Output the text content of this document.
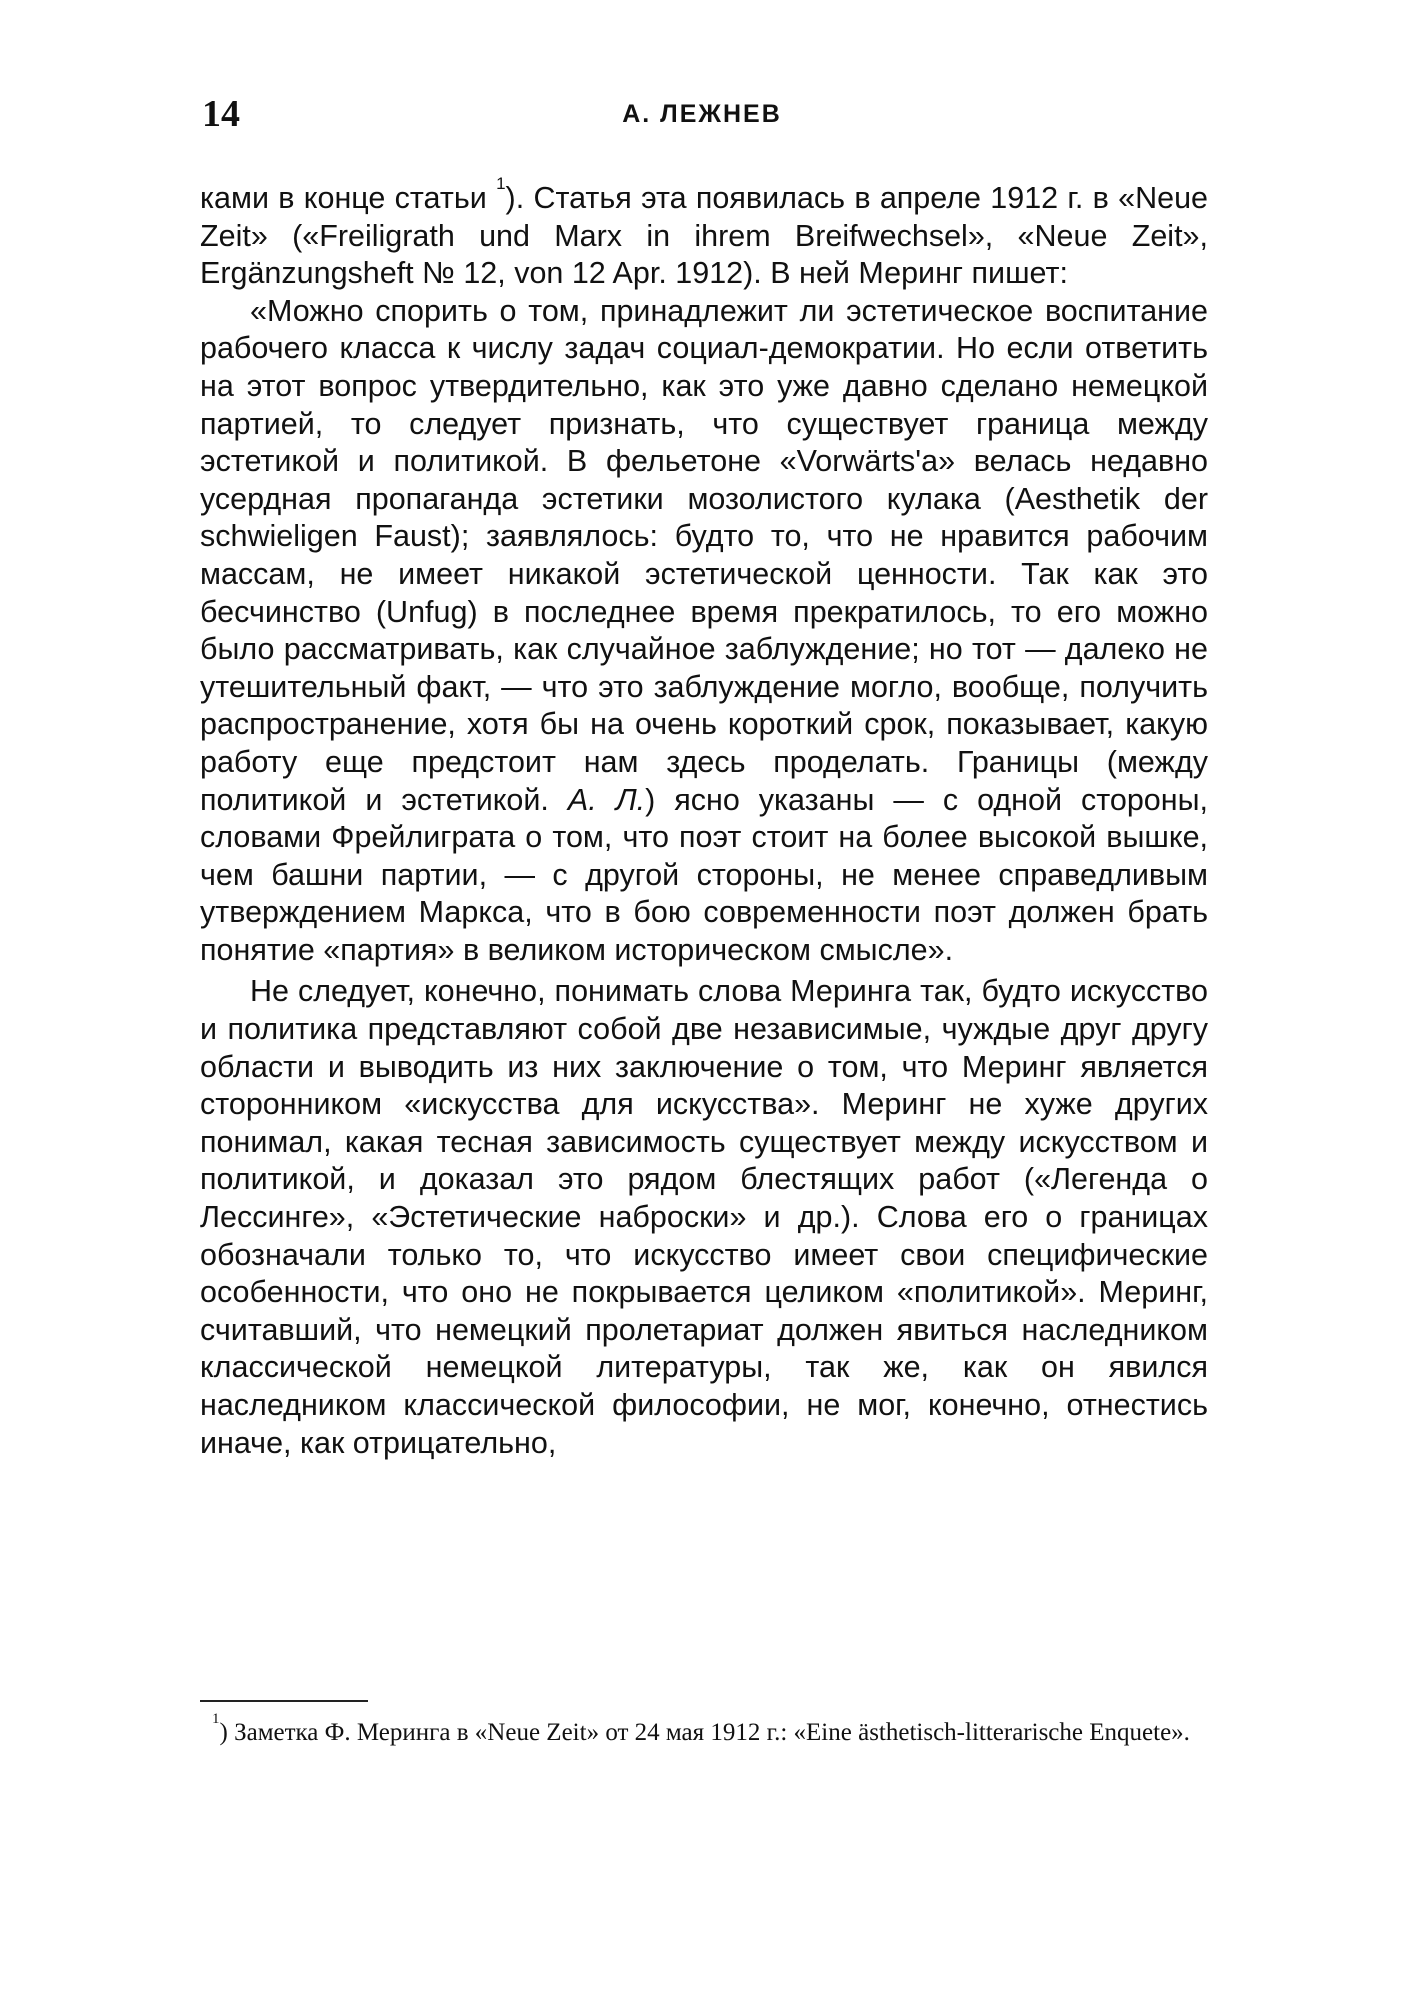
14	А. ЛЕЖНЕВ

ками в конце статьи $^1$). Статья эта появилась в апреле 1912 г. в «Neue Zeit» («Freiligrath und Marx in ihrem Breifwechsel», «Neue Zeit», Ergänzungsheft № 12, von 12 Apr. 1912). В ней Меринг пишет:

«Можно спорить о том, принадлежит ли эстетическое воспитание рабочего класса к числу задач социал-демократии. Но если ответить на этот вопрос утвердительно, как это уже давно сделано немецкой партией, то следует признать, что существует граница между эстетикой и политикой. В фельетоне «Vorwärts'а» велась недавно усердная пропаганда эстетики мозолистого кулака (Aesthetik der schwieligen Faust); заявлялось: будто то, что не нравится рабочим массам, не имеет никакой эстетической ценности. Так как это бесчинство (Unfug) в последнее время прекратилось, то его можно было рассматривать, как случайное заблуждение; но тот — далеко не утешительный факт, — что это заблуждение могло, вообще, получить распространение, хотя бы на очень короткий срок, показывает, какую работу еще предстоит нам здесь проделать. Границы (между политикой и эстетикой. А. Л.) ясно указаны — с одной стороны, словами Фрейлиграта о том, что поэт стоит на более высокой вышке, чем башни партии, — с другой стороны, не менее справедливым утверждением Маркса, что в бою современности поэт должен брать понятие «партия» в великом историческом смысле».

Не следует, конечно, понимать слова Меринга так, будто искусство и политика представляют собой две независимые, чуждые друг другу области и выводить из них заключение о том, что Меринг является сторонником «искусства для искусства». Меринг не хуже других понимал, какая тесная зависимость существует между искусством и политикой, и доказал это рядом блестящих работ («Легенда о Лессинге», «Эстетические наброски» и др.). Слова его о границах обозначали только то, что искусство имеет свои специфические особенности, что оно не покрывается целиком «политикой». Меринг, считавший, что немецкий пролетариат должен явиться наследником классической немецкой литературы, так же, как он явился наследником классической философии, не мог, конечно, отнестись иначе, как отрицательно,

$^1$) Заметка Ф. Меринга в «Neue Zeit» от 24 мая 1912 г.: «Eine ästhetisch-litterarische Enquete».
